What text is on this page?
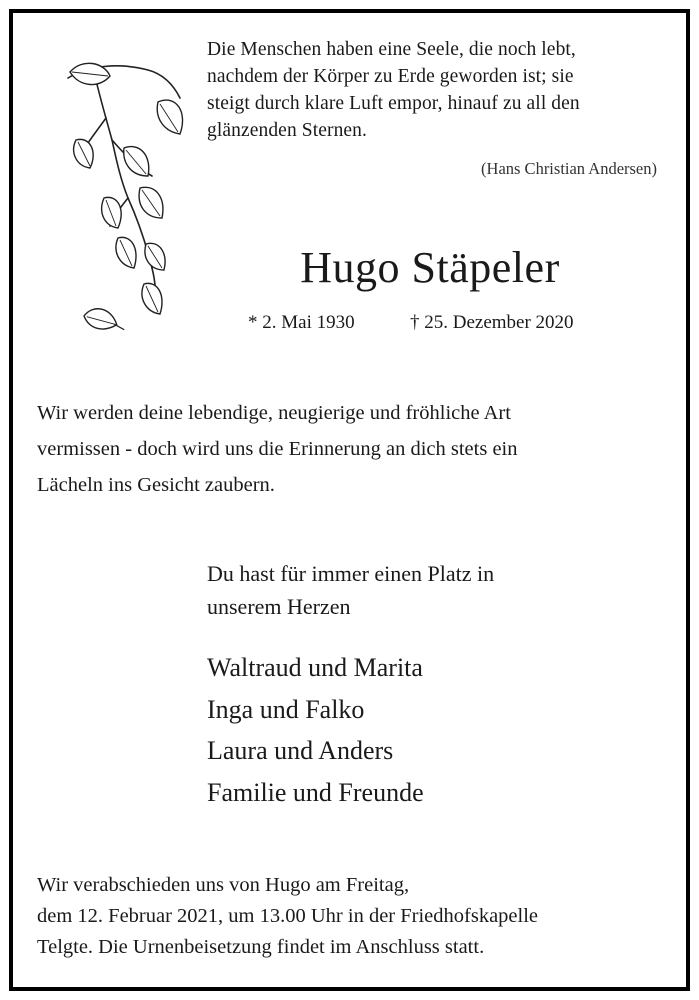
Die Menschen haben eine Seele, die noch lebt,
nachdem der Körper zu Erde geworden ist; sie
steigt durch klare Luft empor, hinauf zu all den
glänzenden Sternen.
(Hans Christian Andersen)
Hugo Stäpeler
* 2. Mai 1930	† 25. Dezember 2020
Wir werden deine lebendige, neugierige und fröhliche Art
vermissen - doch wird uns die Erinnerung an dich stets ein
Lächeln ins Gesicht zaubern.
Du hast für immer einen Platz in
unserem Herzen
Waltraud und Marita
Inga und Falko
Laura und Anders
Familie und Freunde
Wir verabschieden uns von Hugo am Freitag,
dem 12. Februar 2021, um 13.00 Uhr in der Friedhofskapelle
Telgte. Die Urnenbeisetzung findet im Anschluss statt.
